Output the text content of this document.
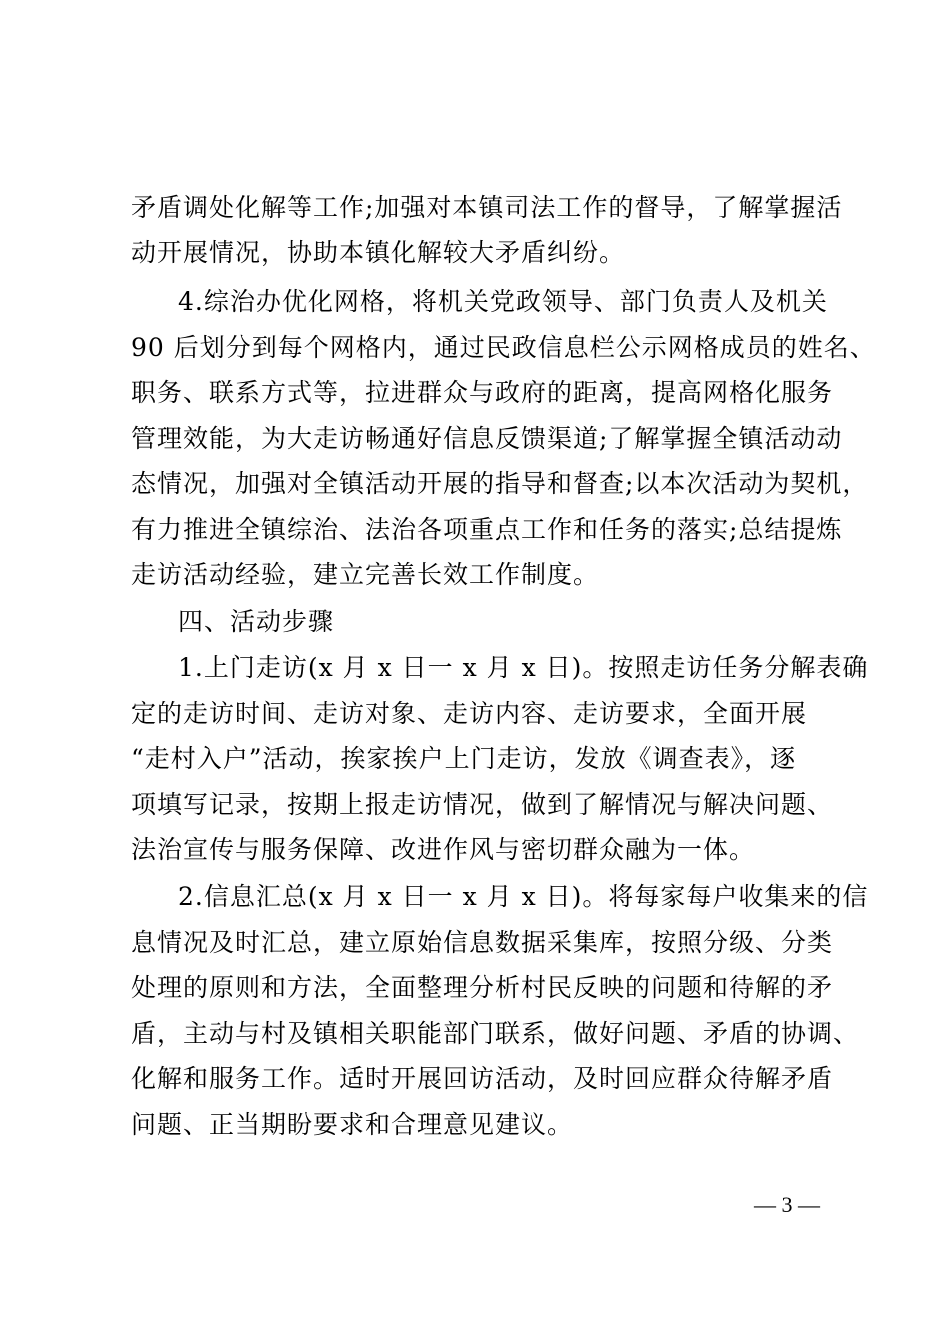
矛盾调处化解等工作;加强对本镇司法工作的督导，了解掌握活
动开展情况，协助本镇化解较大矛盾纠纷。
4.综治办优化网格，将机关党政领导、部门负责人及机关
90 后划分到每个网格内，通过民政信息栏公示网格成员的姓名、
职务、联系方式等，拉进群众与政府的距离，提高网格化服务
管理效能，为大走访畅通好信息反馈渠道;了解掌握全镇活动动
态情况，加强对全镇活动开展的指导和督查;以本次活动为契机，
有力推进全镇综治、法治各项重点工作和任务的落实;总结提炼
走访活动经验，建立完善长效工作制度。
四、活动步骤
1.上门走访(x 月 x 日一 x 月 x 日)。按照走访任务分解表确
定的走访时间、走访对象、走访内容、走访要求，全面开展
“走村入户”活动，挨家挨户上门走访，发放《调查表》，逐
项填写记录，按期上报走访情况，做到了解情况与解决问题、
法治宣传与服务保障、改进作风与密切群众融为一体。
2.信息汇总(x 月 x 日一 x 月 x 日)。将每家每户收集来的信
息情况及时汇总，建立原始信息数据采集库，按照分级、分类
处理的原则和方法，全面整理分析村民反映的问题和待解的矛
盾，主动与村及镇相关职能部门联系，做好问题、矛盾的协调、
化解和服务工作。适时开展回访活动，及时回应群众待解矛盾
问题、正当期盼要求和合理意见建议。
— 3 —
